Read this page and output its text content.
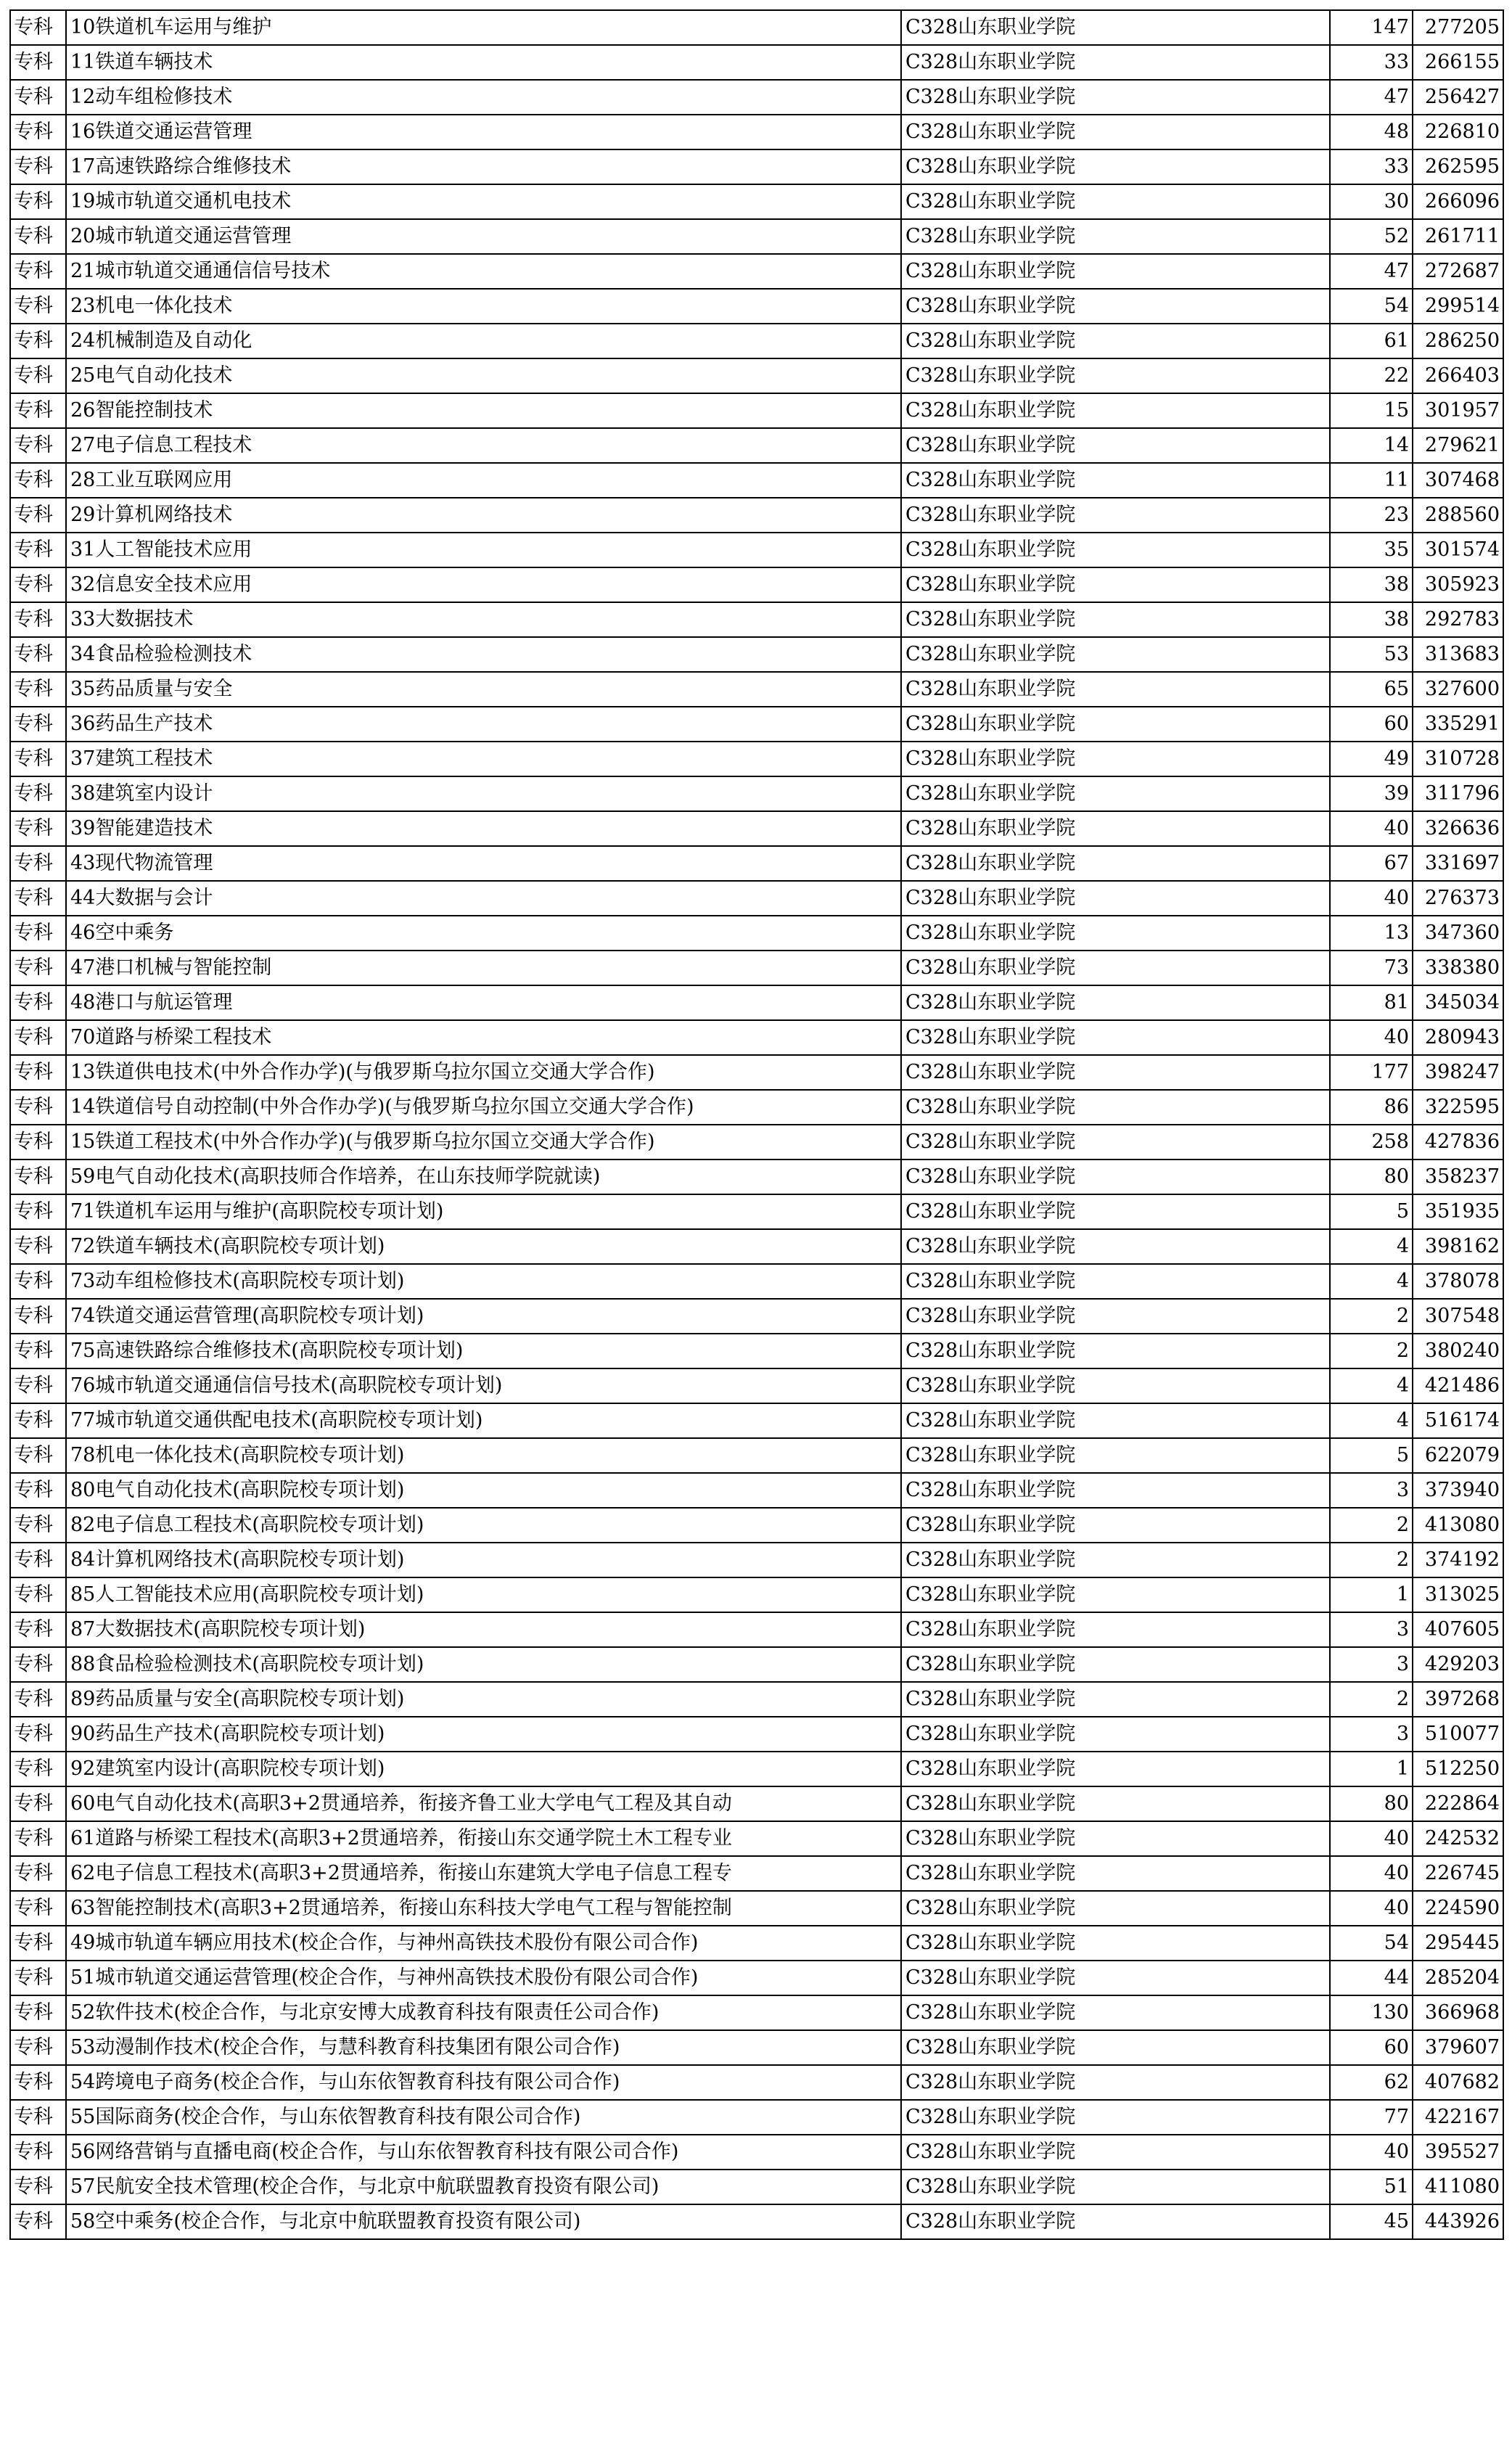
专科	10铁道机车运用与维护	C328山东职业学院	147	277205
专科	11铁道车辆技术	C328山东职业学院	33	266155
专科	12动车组检修技术	C328山东职业学院	47	256427
专科	16铁道交通运营管理	C328山东职业学院	48	226810
专科	17高速铁路综合维修技术	C328山东职业学院	33	262595
专科	19城市轨道交通机电技术	C328山东职业学院	30	266096
专科	20城市轨道交通运营管理	C328山东职业学院	52	261711
专科	21城市轨道交通通信信号技术	C328山东职业学院	47	272687
专科	23机电一体化技术	C328山东职业学院	54	299514
专科	24机械制造及自动化	C328山东职业学院	61	286250
专科	25电气自动化技术	C328山东职业学院	22	266403
专科	26智能控制技术	C328山东职业学院	15	301957
专科	27电子信息工程技术	C328山东职业学院	14	279621
专科	28工业互联网应用	C328山东职业学院	11	307468
专科	29计算机网络技术	C328山东职业学院	23	288560
专科	31人工智能技术应用	C328山东职业学院	35	301574
专科	32信息安全技术应用	C328山东职业学院	38	305923
专科	33大数据技术	C328山东职业学院	38	292783
专科	34食品检验检测技术	C328山东职业学院	53	313683
专科	35药品质量与安全	C328山东职业学院	65	327600
专科	36药品生产技术	C328山东职业学院	60	335291
专科	37建筑工程技术	C328山东职业学院	49	310728
专科	38建筑室内设计	C328山东职业学院	39	311796
专科	39智能建造技术	C328山东职业学院	40	326636
专科	43现代物流管理	C328山东职业学院	67	331697
专科	44大数据与会计	C328山东职业学院	40	276373
专科	46空中乘务	C328山东职业学院	13	347360
专科	47港口机械与智能控制	C328山东职业学院	73	338380
专科	48港口与航运管理	C328山东职业学院	81	345034
专科	70道路与桥梁工程技术	C328山东职业学院	40	280943
专科	13铁道供电技术(中外合作办学)(与俄罗斯乌拉尔国立交通大学合作)	C328山东职业学院	177	398247
专科	14铁道信号自动控制(中外合作办学)(与俄罗斯乌拉尔国立交通大学合作)	C328山东职业学院	86	322595
专科	15铁道工程技术(中外合作办学)(与俄罗斯乌拉尔国立交通大学合作)	C328山东职业学院	258	427836
专科	59电气自动化技术(高职技师合作培养，在山东技师学院就读)	C328山东职业学院	80	358237
专科	71铁道机车运用与维护(高职院校专项计划)	C328山东职业学院	5	351935
专科	72铁道车辆技术(高职院校专项计划)	C328山东职业学院	4	398162
专科	73动车组检修技术(高职院校专项计划)	C328山东职业学院	4	378078
专科	74铁道交通运营管理(高职院校专项计划)	C328山东职业学院	2	307548
专科	75高速铁路综合维修技术(高职院校专项计划)	C328山东职业学院	2	380240
专科	76城市轨道交通通信信号技术(高职院校专项计划)	C328山东职业学院	4	421486
专科	77城市轨道交通供配电技术(高职院校专项计划)	C328山东职业学院	4	516174
专科	78机电一体化技术(高职院校专项计划)	C328山东职业学院	5	622079
专科	80电气自动化技术(高职院校专项计划)	C328山东职业学院	3	373940
专科	82电子信息工程技术(高职院校专项计划)	C328山东职业学院	2	413080
专科	84计算机网络技术(高职院校专项计划)	C328山东职业学院	2	374192
专科	85人工智能技术应用(高职院校专项计划)	C328山东职业学院	1	313025
专科	87大数据技术(高职院校专项计划)	C328山东职业学院	3	407605
专科	88食品检验检测技术(高职院校专项计划)	C328山东职业学院	3	429203
专科	89药品质量与安全(高职院校专项计划)	C328山东职业学院	2	397268
专科	90药品生产技术(高职院校专项计划)	C328山东职业学院	3	510077
专科	92建筑室内设计(高职院校专项计划)	C328山东职业学院	1	512250
专科	60电气自动化技术(高职3+2贯通培养，衔接齐鲁工业大学电气工程及其自动	C328山东职业学院	80	222864
专科	61道路与桥梁工程技术(高职3+2贯通培养，衔接山东交通学院土木工程专业	C328山东职业学院	40	242532
专科	62电子信息工程技术(高职3+2贯通培养，衔接山东建筑大学电子信息工程专	C328山东职业学院	40	226745
专科	63智能控制技术(高职3+2贯通培养，衔接山东科技大学电气工程与智能控制	C328山东职业学院	40	224590
专科	49城市轨道车辆应用技术(校企合作，与神州高铁技术股份有限公司合作)	C328山东职业学院	54	295445
专科	51城市轨道交通运营管理(校企合作，与神州高铁技术股份有限公司合作)	C328山东职业学院	44	285204
专科	52软件技术(校企合作，与北京安博大成教育科技有限责任公司合作)	C328山东职业学院	130	366968
专科	53动漫制作技术(校企合作，与慧科教育科技集团有限公司合作)	C328山东职业学院	60	379607
专科	54跨境电子商务(校企合作，与山东依智教育科技有限公司合作)	C328山东职业学院	62	407682
专科	55国际商务(校企合作，与山东依智教育科技有限公司合作)	C328山东职业学院	77	422167
专科	56网络营销与直播电商(校企合作，与山东依智教育科技有限公司合作)	C328山东职业学院	40	395527
专科	57民航安全技术管理(校企合作，与北京中航联盟教育投资有限公司)	C328山东职业学院	51	411080
专科	58空中乘务(校企合作，与北京中航联盟教育投资有限公司)	C328山东职业学院	45	443926
